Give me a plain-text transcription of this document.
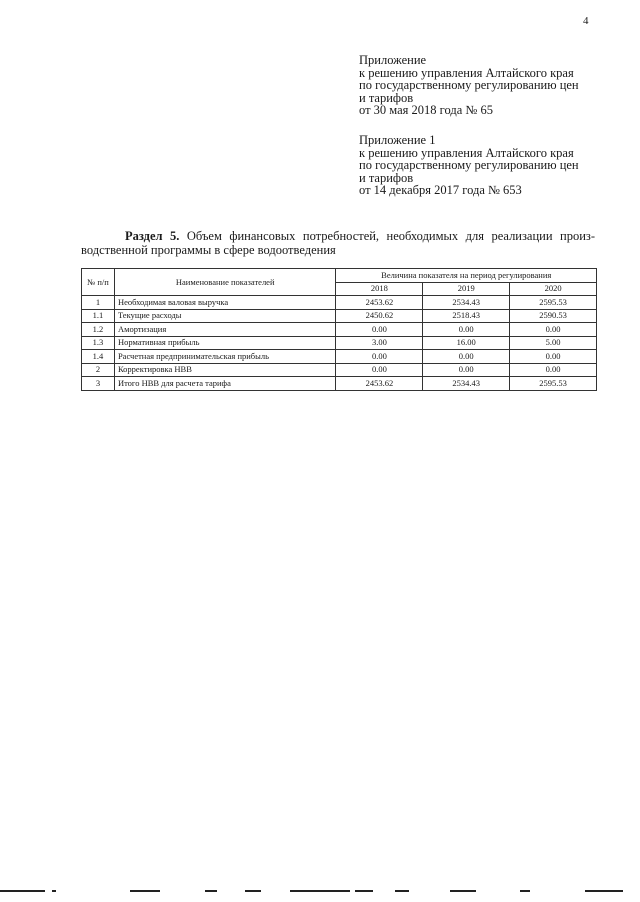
4
Приложение
к решению управления Алтайского края
по государственному регулированию цен
и тарифов
от 30 мая 2018 года № 65
Приложение 1
к решению управления Алтайского края
по государственному регулированию цен
и тарифов
от 14 декабря 2017 года № 653
Раздел 5. Объем финансовых потребностей, необходимых для реализации произ-
водственной программы в сфере водоотведения
№ п/п	Наименование показателей	Величина показателя на период регулирования		
		2018	2019	2020
1	Необходимая валовая выручка	2453.62	2534.43	2595.53
1.1	Текущие расходы	2450.62	2518.43	2590.53
1.2	Амортизация	0.00	0.00	0.00
1.3	Нормативная прибыль	3.00	16.00	5.00
1.4	Расчетная предпринимательская прибыль	0.00	0.00	0.00
2	Корректировка НВВ	0.00	0.00	0.00
3	Итого НВВ для расчета тарифа	2453.62	2534.43	2595.53
